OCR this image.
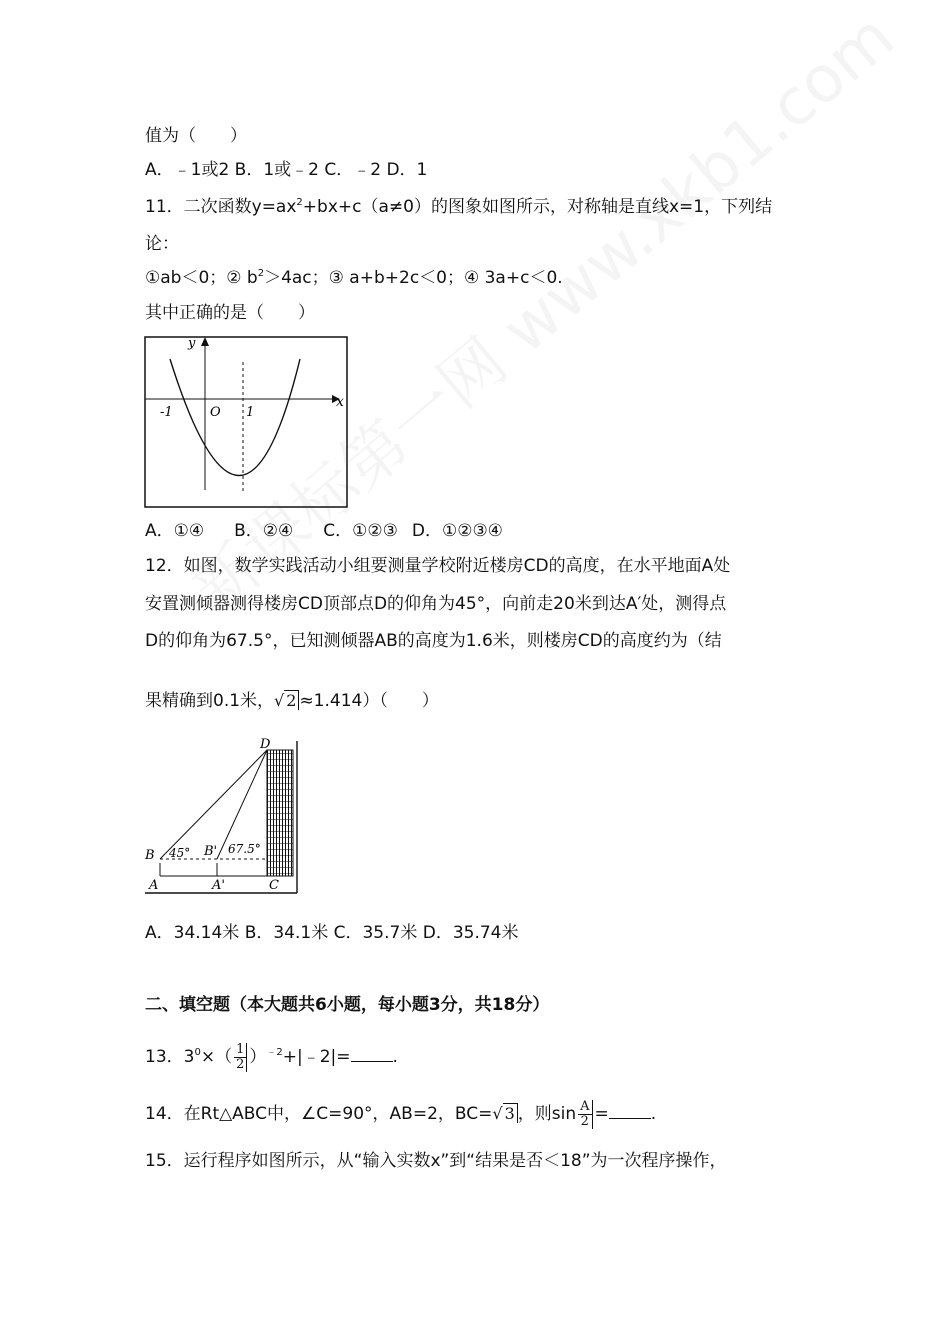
值为（　　）
A．﹣1或2 B．1或﹣2 C．﹣2 D．1
11．二次函数$y=ax^2+bx+c(a\ne 0)$的图象如图所示，对称轴是直线x=1，下列结
论：
①ab＜0；② $b^2>4ac$；③ a+b+2c＜0；④ 3a+c＜0.
其中正确的是（　　）
y
x
-1	O 1
A．①④ B．②④ C．①②③ D．①②③④
12．如图，数学实践活动小组要测量学校附近楼房CD的高度，在水平地面A处
安置测倾器测得楼房CD顶部点D的仰角为45°，向前走20米到达A′处，测得点
D的仰角为67.5°，已知测倾器AB的高度为1.6米，则楼房CD的高度约为（结
果精确到0.1米，√ 2 ≈1.414）（　　）
D
B 45° B' 67.5°
A	A'	C
A．34.14米 B．34.1米 C．35.7米 D．35.74米
二、填空题（本大题共6小题，每小题3分，共18分）
13．$3^0\times( \frac{1}{2}$ ）$^{﹣2}+|﹣2|=$ .
14．在Rt△ABC中，∠C=90°，AB=2，BC=√ 3 ，则$\sin \frac{A}{2}$ = .
15．运行程序如图所示，从“输入实数x”到“结果是否＜18”为一次程序操作，
